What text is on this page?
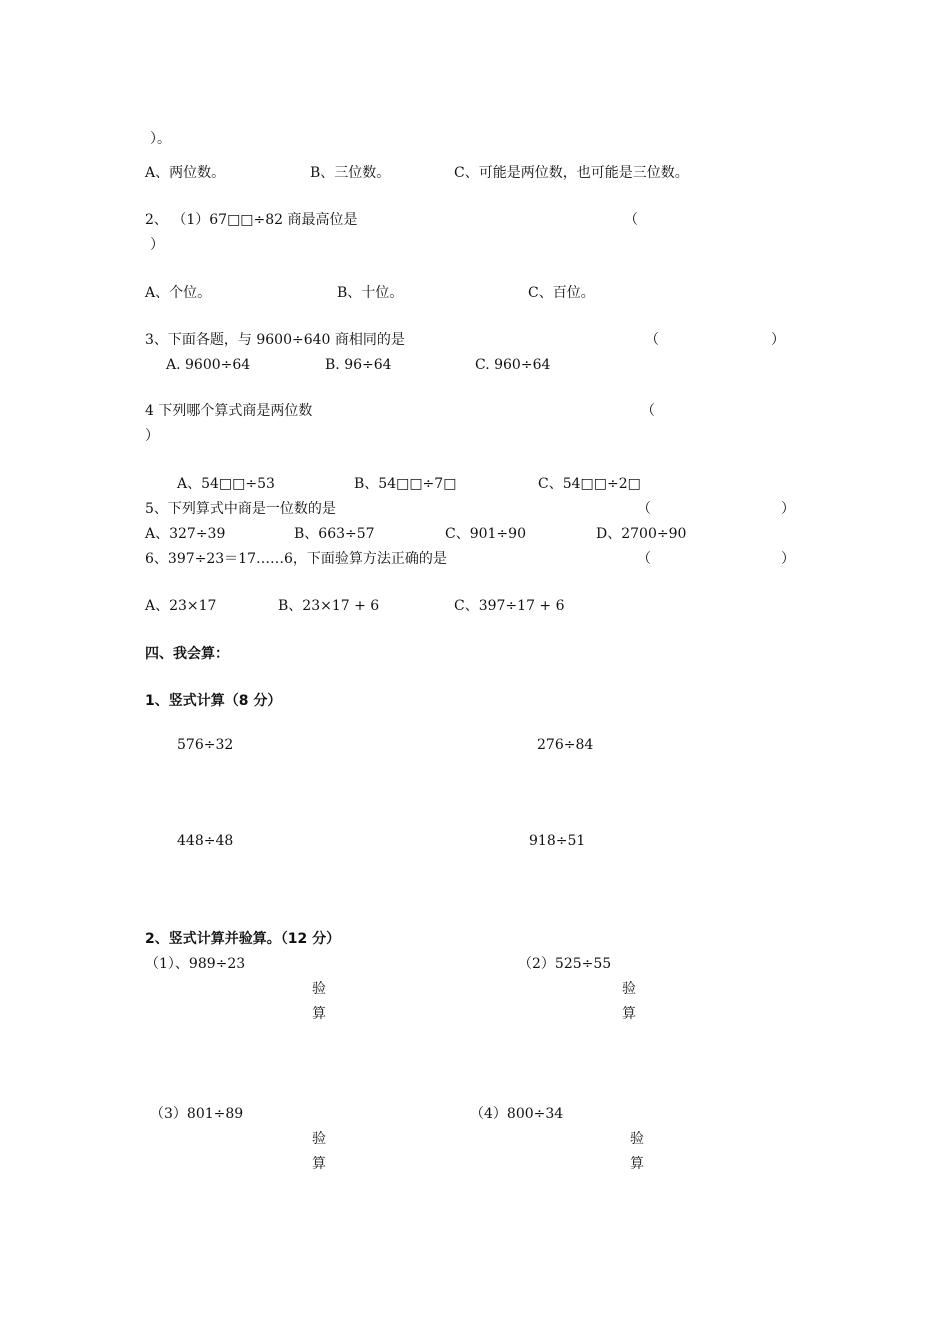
）。
A、两位数。	B、三位数。	C、可能是两位数，也可能是三位数。
2、 （1）67□□÷82 商最高位是	（
）
A、个位。	B、十位。	C、百位。
3、下面各题，与 9600÷640 商相同的是	（	）
A. 9600÷64	B. 96÷64	C. 960÷64
4 下列哪个算式商是两位数	（
）
A、54□□÷53	B、54□□÷7□	C、54□□÷2□
5、下列算式中商是一位数的是	（	）
A、327÷39	B、663÷57	C、901÷90	D、2700÷90
6、397÷23＝17……6，下面验算方法正确的是	（	）
A、23×17	B、23×17 + 6	C、397÷17 + 6
四、我会算：
1、竖式计算（8 分）
576÷32	276÷84
448÷48	918÷51
2、竖式计算并验算。（12 分）
（1）、989÷23	（2）525÷55
验
算
验
算
（3）801÷89	（4）800÷34
验
算
验
算
